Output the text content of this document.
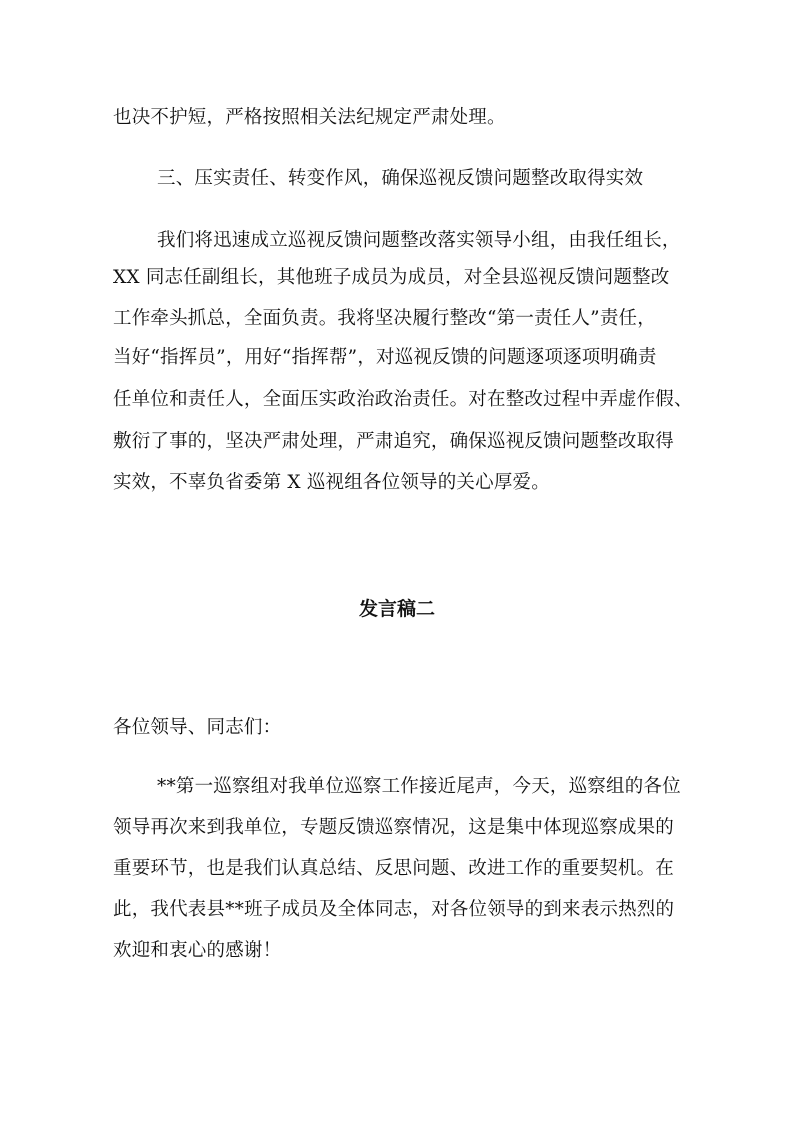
也决不护短，严格按照相关法纪规定严肃处理。
三、压实责任、转变作风，确保巡视反馈问题整改取得实效
我们将迅速成立巡视反馈问题整改落实领导小组，由我任组长，
XX 同志任副组长，其他班子成员为成员，对全县巡视反馈问题整改
工作牵头抓总，全面负责。我将坚决履行整改“第一责任人”责任，
当好“指挥员”，用好“指挥帮”，对巡视反馈的问题逐项逐项明确责
任单位和责任人，全面压实政治政治责任。对在整改过程中弄虚作假、
敷衍了事的，坚决严肃处理，严肃追究，确保巡视反馈问题整改取得
实效，不辜负省委第 X 巡视组各位领导的关心厚爱。
发言稿二
各位领导、同志们：
**第一巡察组对我单位巡察工作接近尾声，今天，巡察组的各位
领导再次来到我单位，专题反馈巡察情况，这是集中体现巡察成果的
重要环节，也是我们认真总结、反思问题、改进工作的重要契机。在
此，我代表县**班子成员及全体同志，对各位领导的到来表示热烈的
欢迎和衷心的感谢！
